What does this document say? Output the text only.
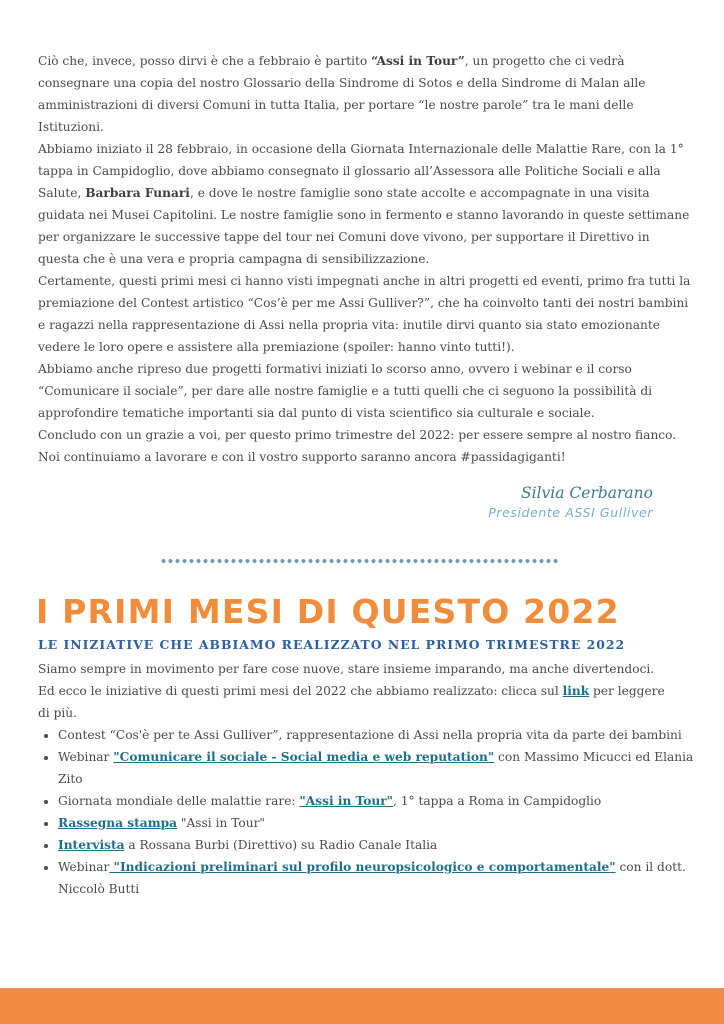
Ciò che, invece, posso dirvi è che a febbraio è partito “Assi in Tour”, un progetto che ci vedrà consegnare una copia del nostro Glossario della Sindrome di Sotos e della Sindrome di Malan alle amministrazioni di diversi Comuni in tutta Italia, per portare “le nostre parole” tra le mani delle Istituzioni.

Abbiamo iniziato il 28 febbraio, in occasione della Giornata Internazionale delle Malattie Rare, con la 1° tappa in Campidoglio, dove abbiamo consegnato il glossario all’Assessora alle Politiche Sociali e alla Salute, Barbara Funari, e dove le nostre famiglie sono state accolte e accompagnate in una visita guidata nei Musei Capitolini. Le nostre famiglie sono in fermento e stanno lavorando in queste settimane per organizzare le successive tappe del tour nei Comuni dove vivono, per supportare il Direttivo in questa che è una vera e propria campagna di sensibilizzazione.

Certamente, questi primi mesi ci hanno visti impegnati anche in altri progetti ed eventi, primo fra tutti la premiazione del Contest artistico “Cos’è per me Assi Gulliver?”, che ha coinvolto tanti dei nostri bambini e ragazzi nella rappresentazione di Assi nella propria vita: inutile dirvi quanto sia stato emozionante vedere le loro opere e assistere alla premiazione (spoiler: hanno vinto tutti!).

Abbiamo anche ripreso due progetti formativi iniziati lo scorso anno, ovvero i webinar e il corso “Comunicare il sociale”, per dare alle nostre famiglie e a tutti quelli che ci seguono la possibilità di approfondire tematiche importanti sia dal punto di vista scientifico sia culturale e sociale.

Concludo con un grazie a voi, per questo primo trimestre del 2022: per essere sempre al nostro fianco.

Noi continuiamo a lavorare e con il vostro supporto saranno ancora #passidagiganti!

Silvia Cerbarano
Presidente ASSI Gulliver
I PRIMI MESI DI QUESTO 2022
LE INIZIATIVE CHE ABBIAMO REALIZZATO NEL PRIMO TRIMESTRE 2022

Siamo sempre in movimento per fare cose nuove, stare insieme imparando, ma anche divertendoci.

Ed ecco le iniziative di questi primi mesi del 2022 che abbiamo realizzato: clicca sul link per leggere di più.

• Contest “Cos'è per te Assi Gulliver”, rappresentazione di Assi nella propria vita da parte dei bambini
• Webinar "Comunicare il sociale - Social media e web reputation" con Massimo Micucci ed Elania Zito
• Giornata mondiale delle malattie rare: "Assi in Tour", 1° tappa a Roma in Campidoglio
• Rassegna stampa "Assi in Tour"
• Intervista a Rossana Burbi (Direttivo) su Radio Canale Italia
• Webinar "Indicazioni preliminari sul profilo neuropsicologico e comportamentale" con il dott. Niccolò Butti
